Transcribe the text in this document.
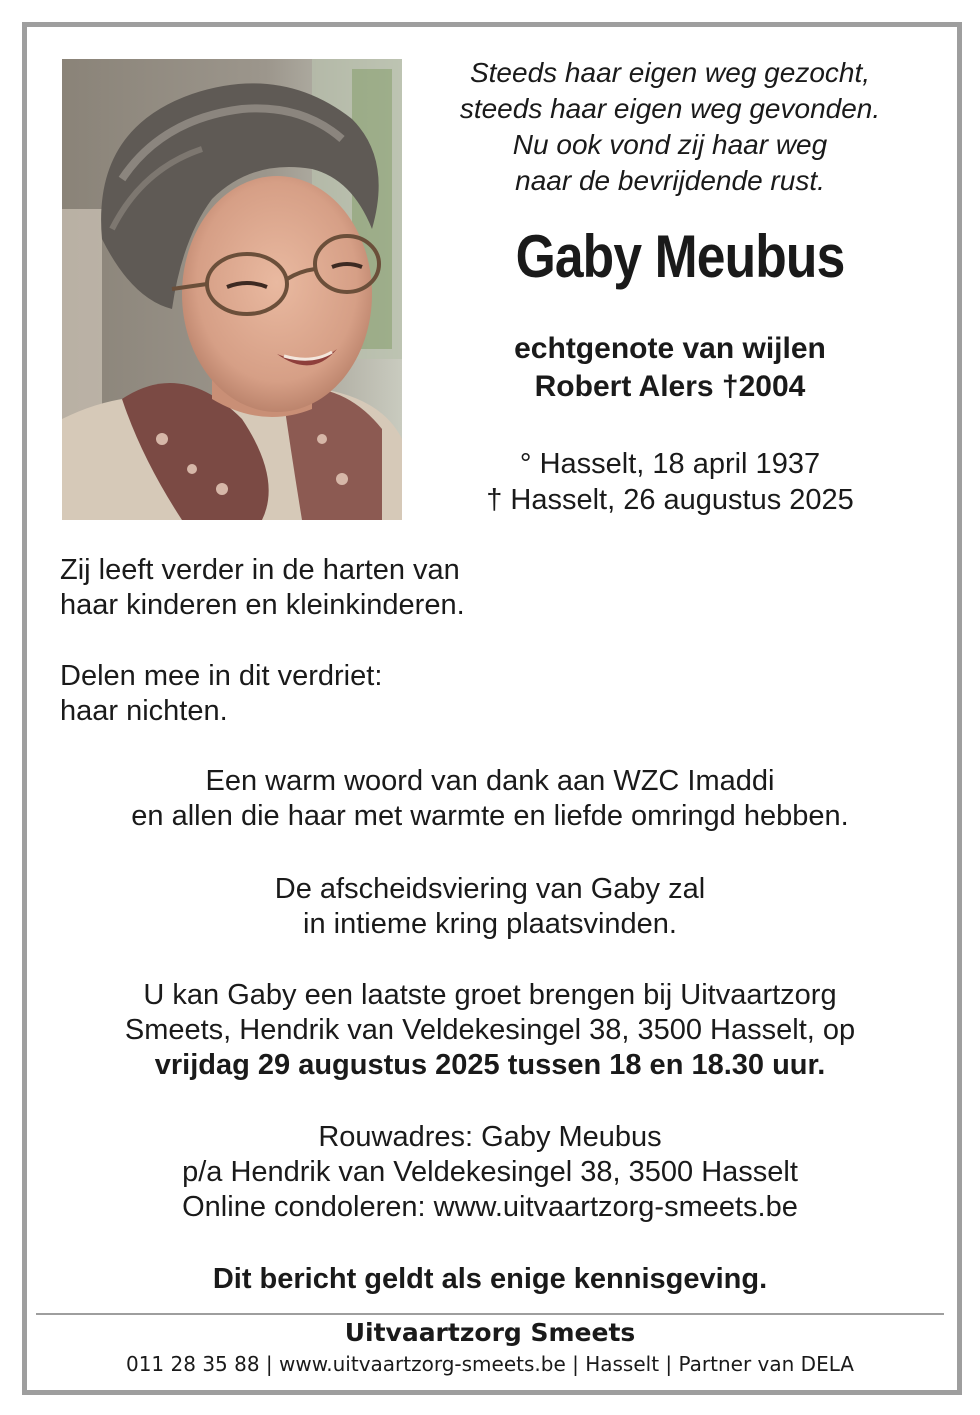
Steeds haar eigen weg gezocht,
steeds haar eigen weg gevonden.
Nu ook vond zij haar weg
naar de bevrijdende rust.
Gaby Meubus
echtgenote van wijlen
Robert Alers †2004
° Hasselt, 18 april 1937
† Hasselt, 26 augustus 2025
Zij leeft verder in de harten van
haar kinderen en kleinkinderen.
Delen mee in dit verdriet:
haar nichten.
Een warm woord van dank aan WZC Imaddi
en allen die haar met warmte en liefde omringd hebben.
De afscheidsviering van Gaby zal
in intieme kring plaatsvinden.
U kan Gaby een laatste groet brengen bij Uitvaartzorg
Smeets, Hendrik van Veldekesingel 38, 3500 Hasselt, op
vrijdag 29 augustus 2025 tussen 18 en 18.30 uur.
Rouwadres: Gaby Meubus
p/a Hendrik van Veldekesingel 38, 3500 Hasselt
Online condoleren: www.uitvaartzorg-smeets.be
Dit bericht geldt als enige kennisgeving.
Uitvaartzorg Smeets
011 28 35 88 | www.uitvaartzorg-smeets.be | Hasselt | Partner van DELA
